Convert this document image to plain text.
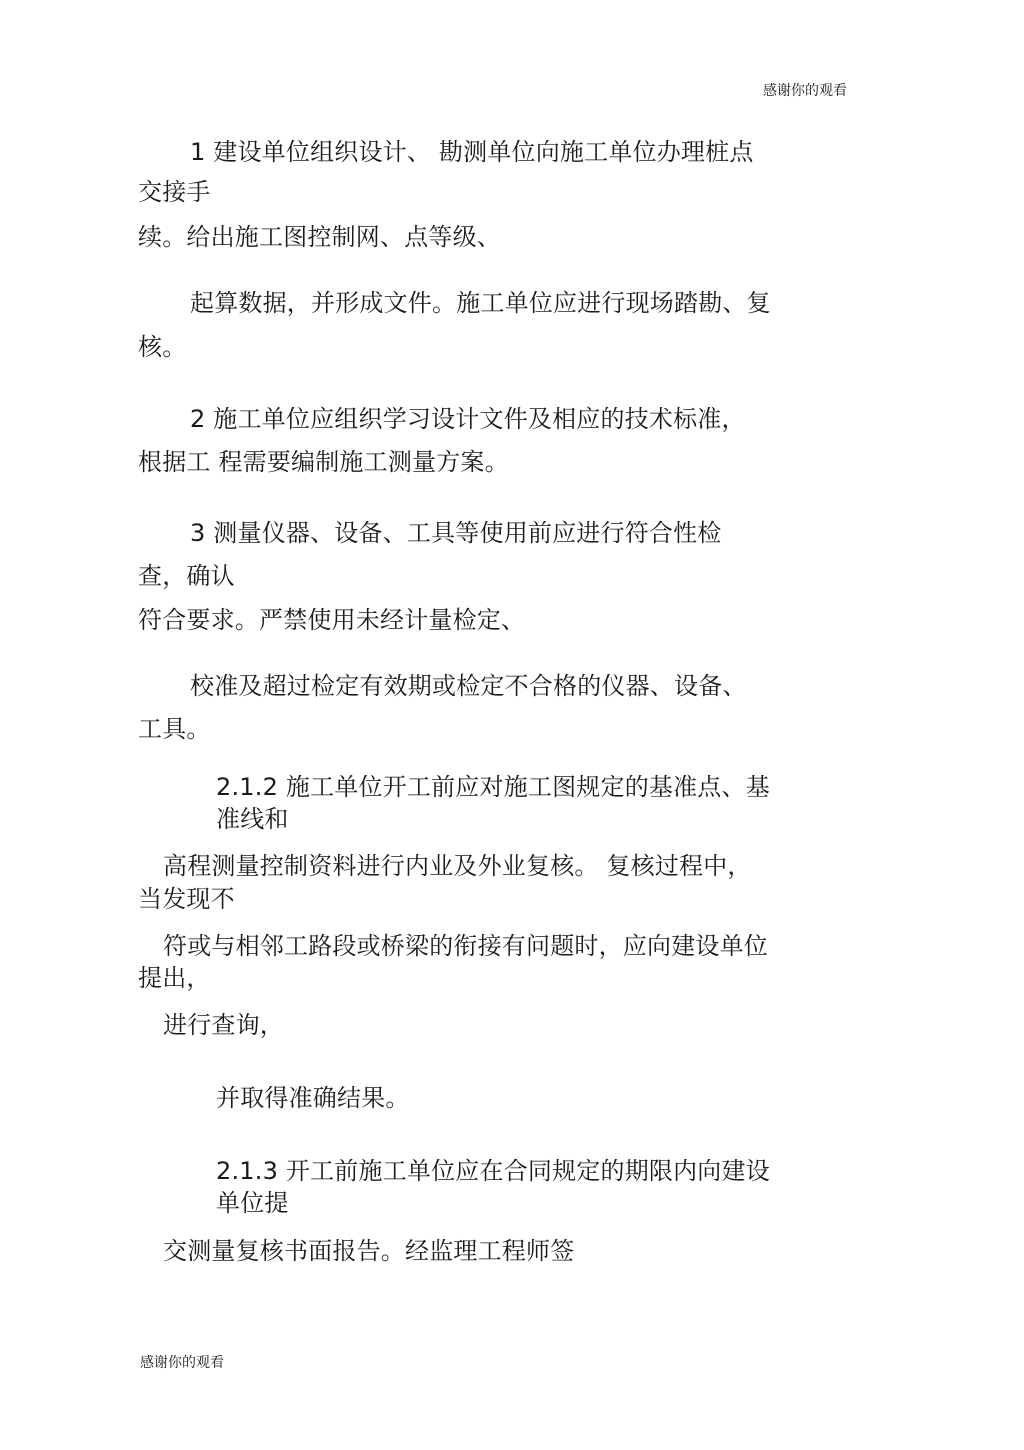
感谢你的观看
1 建设单位组织设计、 勘测单位向施工单位办理桩点
交接手
续。给出施工图控制网、点等级、
起算数据，并形成文件。施工单位应进行现场踏勘、复
核。
2 施工单位应组织学习设计文件及相应的技术标准，
根据工 程需要编制施工测量方案。
3 测量仪器、设备、工具等使用前应进行符合性检
查，确认
符合要求。严禁使用未经计量检定、
校准及超过检定有效期或检定不合格的仪器、设备、
工具。
2.1.2 施工单位开工前应对施工图规定的基准点、基
准线和
高程测量控制资料进行内业及外业复核。 复核过程中，
当发现不
符或与相邻工路段或桥梁的衔接有问题时，应向建设单位
提出，
进行查询，
并取得准确结果。
2.1.3 开工前施工单位应在合同规定的期限内向建设
单位提
交测量复核书面报告。经监理工程师签
感谢你的观看
